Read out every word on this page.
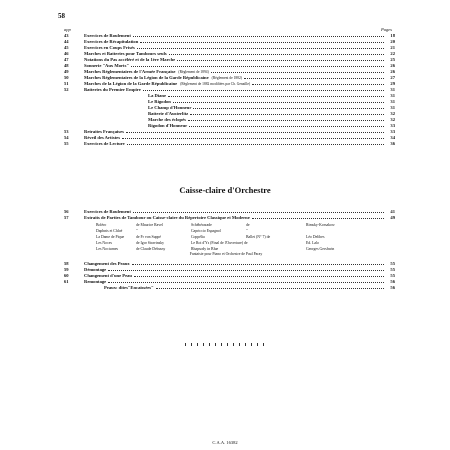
58
app	Pages
43	Exercices de Roulement	18
44	Exercices de Récapitulation	20
45	Exercices en Coups Frisés	21
46	Marches et Batteries pour Tambours seuls	22
47	Notations du Pas accéléré et de la 1ère Marche	25
48	Sonnerie "Aux Morts"	26
49	Marches Réglementaires de l'Armée Française (Règlement de 1894)	26
50	Marches Réglementaires de la Légion de la Garde Républicaine (Règlement de 1882)	27
51	Marches de la Légion de la Garde Républicaine (Règlement de 1882 modifiées par Ch. Genaille)	29
52	Batteries du Premier Empire	31
La Diane	31
Le Rigodon	31
Le Champ d'Honneur	31
Batterie d'Austerlitz	32
Marche des éclopés	32
Rigodon d'Honneur	33
53	Retraites Françaises	33
54	Réveil des Artistes	34
55	Exercices de Lecture	36
Caisse-claire d'Orchestre
56	Exercices de Roulement	41
57	Extraits de Parties de Tambour ou Caisse-claire du Répertoire Classique et Moderne	49
Boléro	de Maurice Ravel	Schéhérazade	de	Rimsky-Korsakow
Daphnis et Chloé	"	Capriccio Espagnol	"
La Dame de Pique	de Fr von Suppé	Coppélia	Ballet (N° 7) de	Léo Delibes
Les Noces	de Igor Stravinsky	Le Roi d'Ys (Final de l'Ouverture) de	Ed. Lalo
Les Nocturnes	de Claude Debussy	Rhapsody in Blue	Georges Gershwin
Fantaisie pour Piano et Orchestre de Paul Paray
58	Changement des Peaux	55
59	Démontage	55
60	Changement d'une Peau	55
61	Remontage	56
Peaux: dites"Encaissées"	56
C.A.A. 16382
